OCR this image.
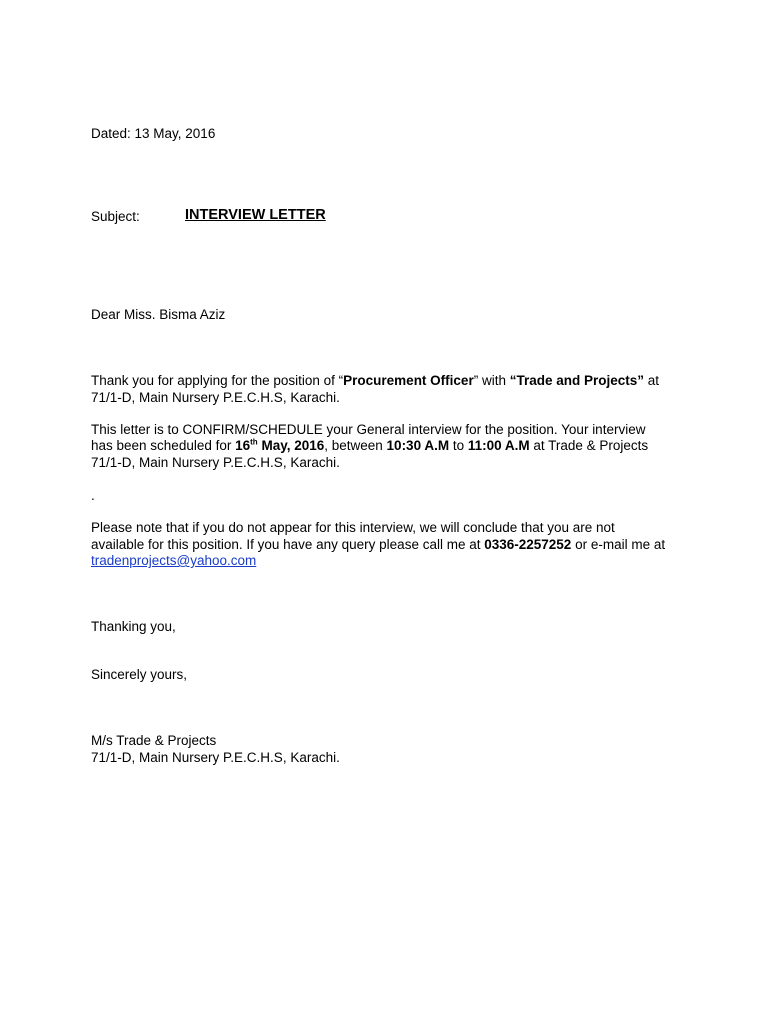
Dated: 13 May, 2016
Subject:	INTERVIEW LETTER
Dear Miss. Bisma Aziz
Thank you for applying for the position of “Procurement Officer” with “Trade and Projects” at
71/1-D, Main Nursery P.E.C.H.S, Karachi.
This letter is to CONFIRM/SCHEDULE your General interview for the position. Your interview
has been scheduled for 16th May, 2016, between 10:30 A.M to 11:00 A.M at Trade & Projects
71/1-D, Main Nursery P.E.C.H.S, Karachi.
.
Please note that if you do not appear for this interview, we will conclude that you are not
available for this position. If you have any query please call me at 0336-2257252 or e-mail me at
tradenprojects@yahoo.com
Thanking you,
Sincerely yours,
M/s Trade & Projects
71/1-D, Main Nursery P.E.C.H.S, Karachi.
